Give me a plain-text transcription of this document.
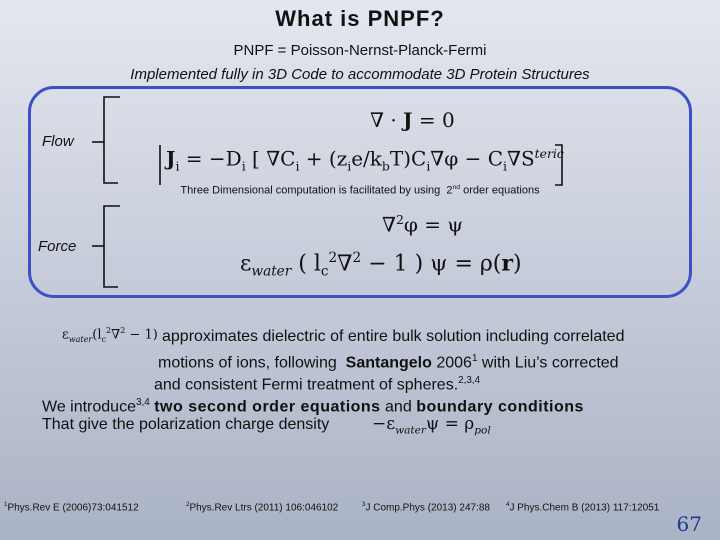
What is PNPF?
PNPF = Poisson-Nernst-Planck-Fermi
Implemented fully in 3D Code to accommodate 3D Protein Structures
Flow
Force
∇ · J = 0
$J_i = -D_i$ [ $\nabla C_i + (z_ie/k_bT)C_i\nabla\varphi - C_i\nabla S^{teric}$
Three Dimensional computation is facilitated by using 2nd order equations
∇$^2$φ = ψ
$\varepsilon_{water}$ ( $l_c^2\nabla^2 - 1$ ) ψ = ρ(r)
$\varepsilon_{water}(l_c^2\nabla^2 - 1)$ approximates dielectric of entire bulk solution including correlated
motions of ions, following Santangelo 2006$^1$ with Liu’s corrected
and consistent Fermi treatment of spheres.$^{2,3,4}$
We introduce$^{3,4}$ two second order equations and boundary conditions
That give the polarization charge density	$-\varepsilon_{water}\psi = \rho_{pol}$
$^1$Phys.Rev E (2006)73:041512	$^2$Phys.Rev Ltrs (2011) 106:046102	$^3$J Comp.Phys (2013) 247:88	$^4$J Phys.Chem B (2013) 117:12051
67
